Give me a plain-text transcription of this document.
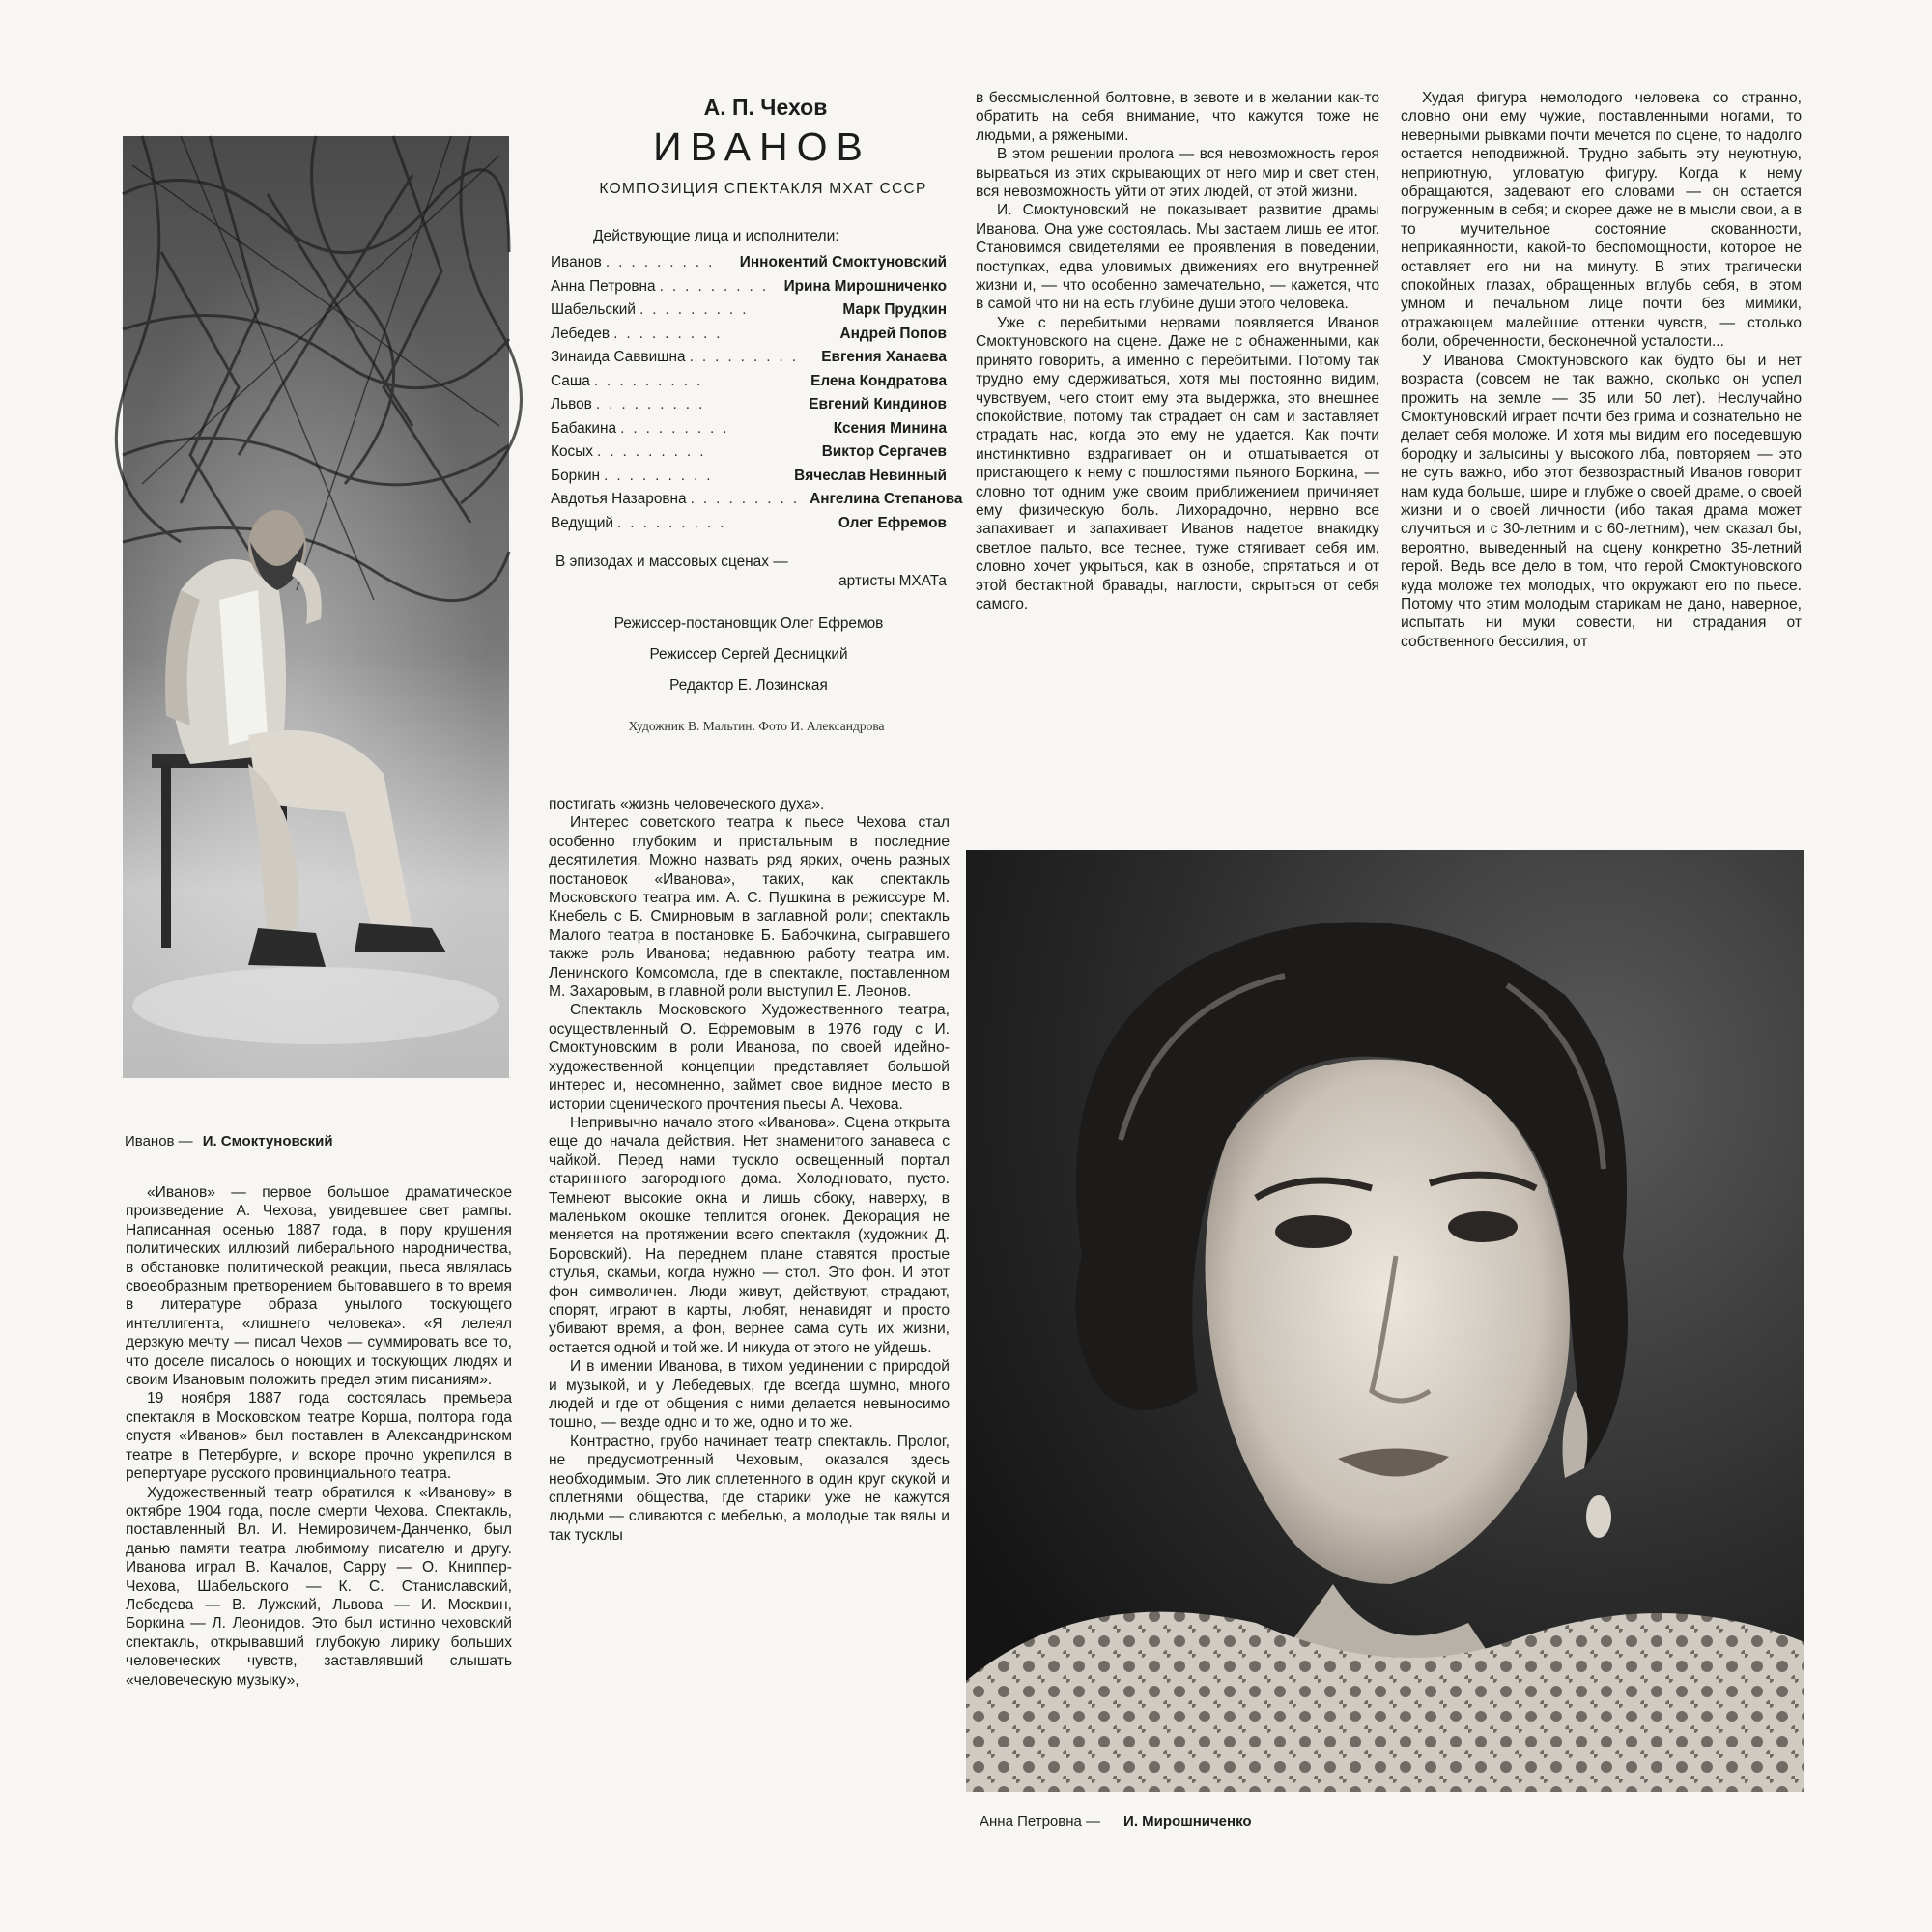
Иванов — И. Смоктуновский
А. П. Чехов
ИВАНОВ
КОМПОЗИЦИЯ СПЕКТАКЛЯ МХАТ СССР
Действующие лица и исполнители:
Иванов .........	Иннокентий Смоктуновский
Анна Петровна ......... Ирина Мирошниченко
Шабельский .........	Марк Прудкин
Лебедев .........	Андрей Попов
Зинаида Саввишна .........	Евгения Ханаева
Саша .........	Елена Кондратова
Львов .........	Евгений Киндинов
Бабакина .........	Ксения Минина
Косых .........	Виктор Сергачев
Боркин .........	Вячеслав Невинный
Авдотья Назаровна ......... Ангелина Степанова
Ведущий .........	Олег Ефремов
В эпизодах и массовых сценах —
артисты МХАТа
Режиссер-постановщик Олег Ефремов
Режиссер Сергей Десницкий
Редактор Е. Лозинская
Художник В. Мальтин. Фото И. Александрова

«Иванов» — первое большое драматическое произведение А. Чехова, увидевшее свет рампы. Написанная осенью 1887 года, в пору крушения политических иллюзий либерального народничества, в обстановке политической реакции, пьеса являлась своеобразным претворением бытовавшего в то время в литературе образа унылого тоскующего интеллигента, «лишнего человека». «Я лелеял дерзкую мечту — писал Чехов — суммировать все то, что доселе писалось о ноющих и тоскующих людях и своим Ивановым положить предел этим писаниям».

19 ноября 1887 года состоялась премьера спектакля в Московском театре Корша, полтора года спустя «Иванов» был поставлен в Александринском театре в Петербурге, и вскоре прочно укрепился в репертуаре русского провинциального театра.

Художественный театр обратился к «Иванову» в октябре 1904 года, после смерти Чехова. Спектакль, поставленный Вл. И. Немировичем-Данченко, был данью памяти театра любимому писателю и другу. Иванова играл В. Качалов, Сарру — О. Книппер-Чехова, Шабельского — К. С. Станиславский, Лебедева — В. Лужский, Львова — И. Москвин, Боркина — Л. Леонидов. Это был истинно чеховский спектакль, открывавший глубокую лирику больших человеческих чувств, заставлявший слышать «человеческую музыку»,

постигать «жизнь человеческого духа».

Интерес советского театра к пьесе Чехова стал особенно глубоким и пристальным в последние десятилетия. Можно назвать ряд ярких, очень разных постановок «Иванова», таких, как спектакль Московского театра им. А. С. Пушкина в режиссуре М. Кнебель с Б. Смирновым в заглавной роли; спектакль Малого театра в постановке Б. Бабочкина, сыгравшего также роль Иванова; недавнюю работу театра им. Ленинского Комсомола, где в спектакле, поставленном М. Захаровым, в главной роли выступил Е. Леонов.

Спектакль Московского Художественного театра, осуществленный О. Ефремовым в 1976 году с И. Смоктуновским в роли Иванова, по своей идейно-художественной концепции представляет большой интерес и, несомненно, займет свое видное место в истории сценического прочтения пьесы А. Чехова.

Непривычно начало этого «Иванова». Сцена открыта еще до начала действия. Нет знаменитого занавеса с чайкой. Перед нами тускло освещенный портал старинного загородного дома. Холодновато, пусто. Темнеют высокие окна и лишь сбоку, наверху, в маленьком окошке теплится огонек. Декорация не меняется на протяжении всего спектакля (художник Д. Боровский). На переднем плане ставятся простые стулья, скамьи, когда нужно — стол. Это фон. И этот фон символичен. Люди живут, действуют, страдают, спорят, играют в карты, любят, ненавидят и просто убивают время, а фон, вернее сама суть их жизни, остается одной и той же. И никуда от этого не уйдешь.

И в имении Иванова, в тихом уединении с природой и музыкой, и у Лебедевых, где всегда шумно, много людей и где от общения с ними делается невыносимо тошно, — везде одно и то же, одно и то же.

Контрастно, грубо начинает театр спектакль. Пролог, не предусмотренный Чеховым, оказался здесь необходимым. Это лик сплетенного в один круг скукой и сплетнями общества, где старики уже не кажутся людьми — сливаются с мебелью, а молодые так вялы и так тусклы

в бессмысленной болтовне, в зевоте и в желании как-то обратить на себя внимание, что кажутся тоже не людьми, а ряжеными.

В этом решении пролога — вся невозможность героя вырваться из этих скрывающих от него мир и свет стен, вся невозможность уйти от этих людей, от этой жизни.

И. Смоктуновский не показывает развитие драмы Иванова. Она уже состоялась. Мы застаем лишь ее итог. Становимся свидетелями ее проявления в поведении, поступках, едва уловимых движениях его внутренней жизни и, — что особенно замечательно, — кажется, что в самой что ни на есть глубине души этого человека.

Уже с перебитыми нервами появляется Иванов Смоктуновского на сцене. Даже не с обнаженными, как принято говорить, а именно с перебитыми. Потому так трудно ему сдерживаться, хотя мы постоянно видим, чувствуем, чего стоит ему эта выдержка, это внешнее спокойствие, потому так страдает он сам и заставляет страдать нас, когда это ему не удается. Как почти инстинктивно вздрагивает он и отшатывается от пристающего к нему с пошлостями пьяного Боркина, — словно тот одним уже своим приближением причиняет ему физическую боль. Лихорадочно, нервно все запахивает и запахивает Иванов надетое внакидку светлое пальто, все теснее, туже стягивает себя им, словно хочет укрыться, как в ознобе, спрятаться и от этой бестактной бравады, наглости, скрыться от себя самого.

Худая фигура немолодого человека со странно, словно они ему чужие, поставленными ногами, то неверными рывками почти мечется по сцене, то надолго остается неподвижной. Трудно забыть эту неуютную, неприютную, угловатую фигуру. Когда к нему обращаются, задевают его словами — он остается погруженным в себя; и скорее даже не в мысли свои, а в то мучительное состояние скованности, неприкаянности, какой-то беспомощности, которое не оставляет его ни на минуту. В этих трагически спокойных глазах, обращенных вглубь себя, в этом умном и печальном лице почти без мимики, отражающем малейшие оттенки чувств, — столько боли, обреченности, бесконечной усталости...

У Иванова Смоктуновского как будто бы и нет возраста (совсем не так важно, сколько он успел прожить на земле — 35 или 50 лет). Неслучайно Смоктуновский играет почти без грима и сознательно не делает себя моложе. И хотя мы видим его поседевшую бородку и залысины у высокого лба, повторяем — это не суть важно, ибо этот безвозрастный Иванов говорит нам куда больше, шире и глубже о своей драме, о своей жизни и о своей личности (ибо такая драма может случиться и с 30-летним и с 60-летним), чем сказал бы, вероятно, выведенный на сцену конкретно 35-летний герой. Ведь все дело в том, что герой Смоктуновского куда моложе тех молодых, что окружают его по пьесе. Потому что этим молодым старикам не дано, наверное, испытать ни муки совести, ни страдания от собственного бессилия, от

Анна Петровна — И. Мирошниченко
